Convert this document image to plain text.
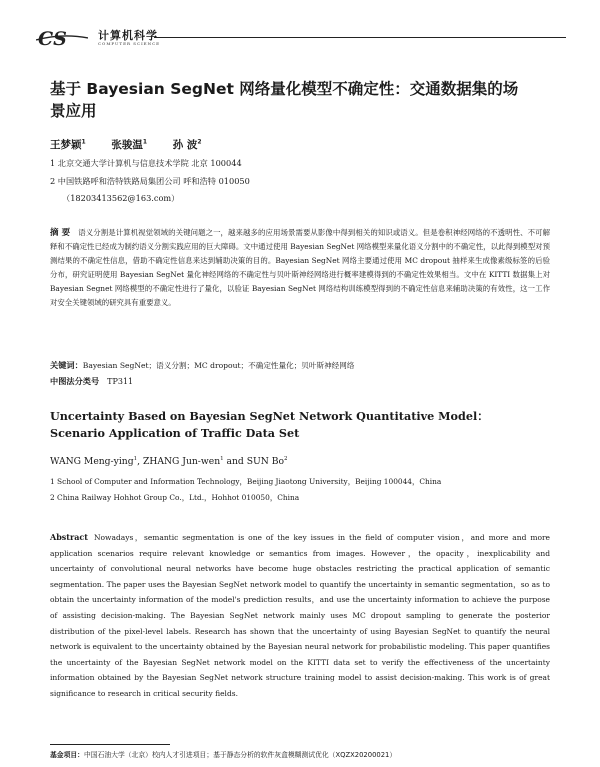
CS	计算机科学
COMPUTER SCIENCE
基于 Bayesian SegNet 网络量化模型不确定性：交通数据集的场景应用
王梦颖$^1$ 张骏温$^1$ 孙 波$^2$
1 北京交通大学计算机与信息技术学院 北京 100044
2 中国铁路呼和浩特铁路局集团公司 呼和浩特 010050
（18203413562@163.com）
摘 要 语义分割是计算机视觉领域的关键问题之一，越来越多的应用场景需要从影像中得到相关的知识或语义。但是卷积神经网络的不透明性、不可解释和不确定性已经成为制约语义分割实践应用的巨大障碍。文中通过使用 Bayesian SegNet 网络模型来量化语义分割中的不确定性，以此得到模型对预测结果的不确定性信息，借助不确定性信息来达到辅助决策的目的。Bayesian SegNet 网络主要通过使用 MC dropout 抽样来生成像素级标签的后验分布，研究证明使用 Bayesian SegNet 量化神经网络的不确定性与贝叶斯神经网络进行概率建模得到的不确定性效果相当。文中在 KITTI 数据集上对 Bayesian Segnet 网络模型的不确定性进行了量化，以验证 Bayesian SegNet 网络结构训练模型得到的不确定性信息来辅助决策的有效性，这一工作对安全关键领域的研究具有重要意义。
关键词：Bayesian SegNet；语义分割；MC dropout；不确定性量化；贝叶斯神经网络
中图法分类号 TP311
Uncertainty Based on Bayesian SegNet Network Quantitative Model：Scenario Application of Traffic Data Set
WANG Meng-ying$^1$, ZHANG Jun-wen$^1$ and SUN Bo$^2$
1 School of Computer and Information Technology，Beijing Jiaotong University，Beijing 100044，China
2 China Railway Hohhot Group Co.，Ltd.，Hohhot 010050，China
Abstract Nowadays，semantic segmentation is one of the key issues in the field of computer vision，and more and more application scenarios require relevant knowledge or semantics from images. However，the opacity，inexplicability and uncertainty of convolutional neural networks have become huge obstacles restricting the practical application of semantic segmentation. The paper uses the Bayesian SegNet network model to quantify the uncertainty in semantic segmentation，so as to obtain the uncertainty information of the model's prediction results，and use the uncertainty information to achieve the purpose of assisting decision-making. The Bayesian SegNet network mainly uses MC dropout sampling to generate the posterior distribution of the pixel-level labels. Research has shown that the uncertainty of using Bayesian SegNet to quantify the neural network is equivalent to the uncertainty obtained by the Bayesian neural network for probabilistic modeling. This paper quantifies the uncertainty of the Bayesian SegNet network model on the KITTI data set to verify the effectiveness of the uncertainty information obtained by the Bayesian SegNet network structure training model to assist decision-making. This work is of great significance to research in critical security fields.
基金项目：中国石油大学（北京）校内人才引进项目；基于静态分析的软件灰盒模糊测试优化（XQZX20200021）
